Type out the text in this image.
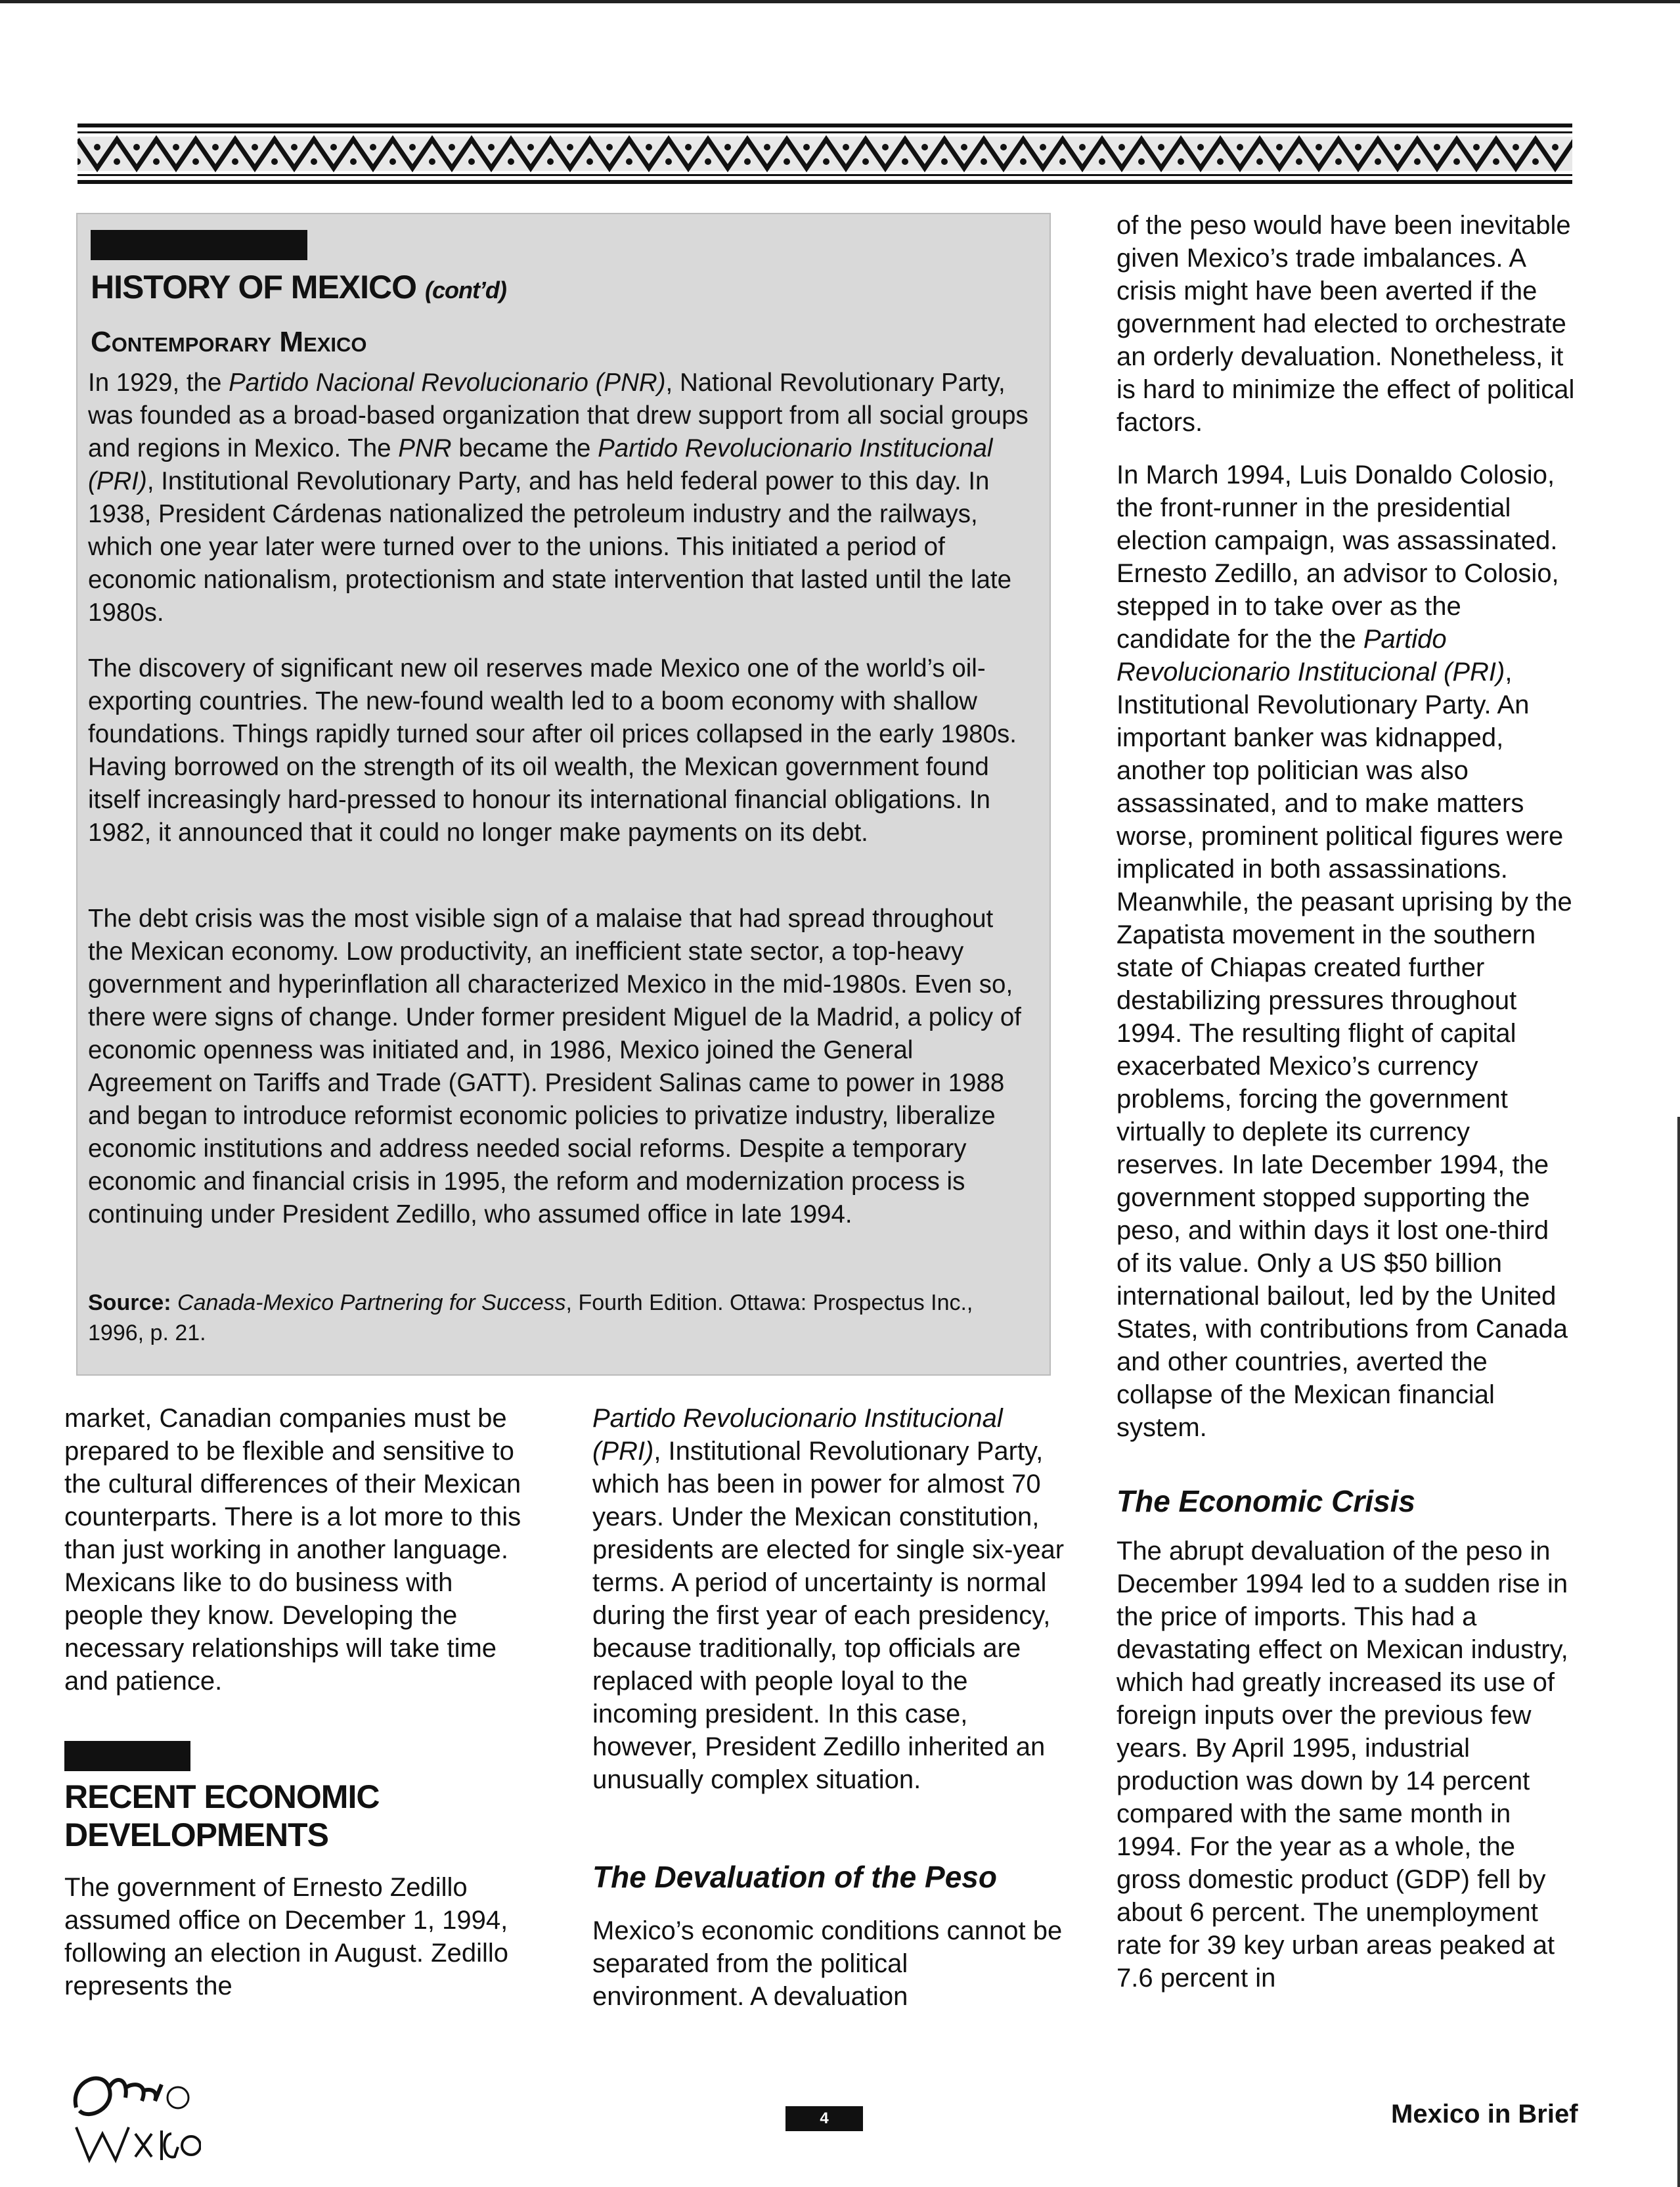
HISTORY OF MEXICO (cont’d)
Contemporary Mexico

In 1929, the Partido Nacional Revolucionario (PNR), National Revolutionary Party, was founded as a broad-based organization that drew support from all social groups and regions in Mexico. The PNR became the Partido Revolucionario Institucional (PRI), Institutional Revolutionary Party, and has held federal power to this day. In 1938, President Cárdenas nationalized the petroleum industry and the railways, which one year later were turned over to the unions. This initiated a period of economic nationalism, protectionism and state intervention that lasted until the late 1980s.

The discovery of significant new oil reserves made Mexico one of the world’s oil-exporting countries. The new-found wealth led to a boom economy with shallow foundations. Things rapidly turned sour after oil prices collapsed in the early 1980s. Having borrowed on the strength of its oil wealth, the Mexican government found itself increasingly hard-pressed to honour its international financial obligations. In 1982, it announced that it could no longer make payments on its debt.

The debt crisis was the most visible sign of a malaise that had spread throughout the Mexican economy. Low productivity, an inefficient state sector, a top-heavy government and hyperinflation all characterized Mexico in the mid-1980s. Even so, there were signs of change. Under former president Miguel de la Madrid, a policy of economic openness was initiated and, in 1986, Mexico joined the General Agreement on Tariffs and Trade (GATT). President Salinas came to power in 1988 and began to introduce reformist economic policies to privatize industry, liberalize economic institutions and address needed social reforms. Despite a temporary economic and financial crisis in 1995, the reform and modernization process is continuing under President Zedillo, who assumed office in late 1994.

Source: Canada-Mexico Partnering for Success, Fourth Edition. Ottawa: Prospectus Inc., 1996, p. 21.

market, Canadian companies must be prepared to be flexible and sensitive to the cultural differences of their Mexican counterparts. There is a lot more to this than just working in another language. Mexicans like to do business with people they know. Developing the necessary relationships will take time and patience.

RECENT ECONOMIC DEVELOPMENTS

The government of Ernesto Zedillo assumed office on December 1, 1994, following an election in August. Zedillo represents the

Partido Revolucionario Institucional (PRI), Institutional Revolutionary Party, which has been in power for almost 70 years. Under the Mexican constitution, presidents are elected for single six-year terms. A period of uncertainty is normal during the first year of each presidency, because traditionally, top officials are replaced with people loyal to the incoming president. In this case, however, President Zedillo inherited an unusually complex situation.

The Devaluation of the Peso

Mexico’s economic conditions cannot be separated from the political environment. A devaluation

of the peso would have been inevitable given Mexico’s trade imbalances. A crisis might have been averted if the government had elected to orchestrate an orderly devaluation. Nonetheless, it is hard to minimize the effect of political factors.

In March 1994, Luis Donaldo Colosio, the front-runner in the presidential election campaign, was assassinated. Ernesto Zedillo, an advisor to Colosio, stepped in to take over as the candidate for the the Partido Revolucionario Institucional (PRI), Institutional Revolutionary Party. An important banker was kidnapped, another top politician was also assassinated, and to make matters worse, prominent political figures were implicated in both assassinations. Meanwhile, the peasant uprising by the Zapatista movement in the southern state of Chiapas created further destabilizing pressures throughout 1994. The resulting flight of capital exacerbated Mexico’s currency problems, forcing the government virtually to deplete its currency reserves. In late December 1994, the government stopped supporting the peso, and within days it lost one-third of its value. Only a US $50 billion international bailout, led by the United States, with contributions from Canada and other countries, averted the collapse of the Mexican financial system.

The Economic Crisis

The abrupt devaluation of the peso in December 1994 led to a sudden rise in the price of imports. This had a devastating effect on Mexican industry, which had greatly increased its use of foreign inputs over the previous few years. By April 1995, industrial production was down by 14 percent compared with the same month in 1994. For the year as a whole, the gross domestic product (GDP) fell by about 6 percent. The unemployment rate for 39 key urban areas peaked at 7.6 percent in

4	Mexico in Brief
